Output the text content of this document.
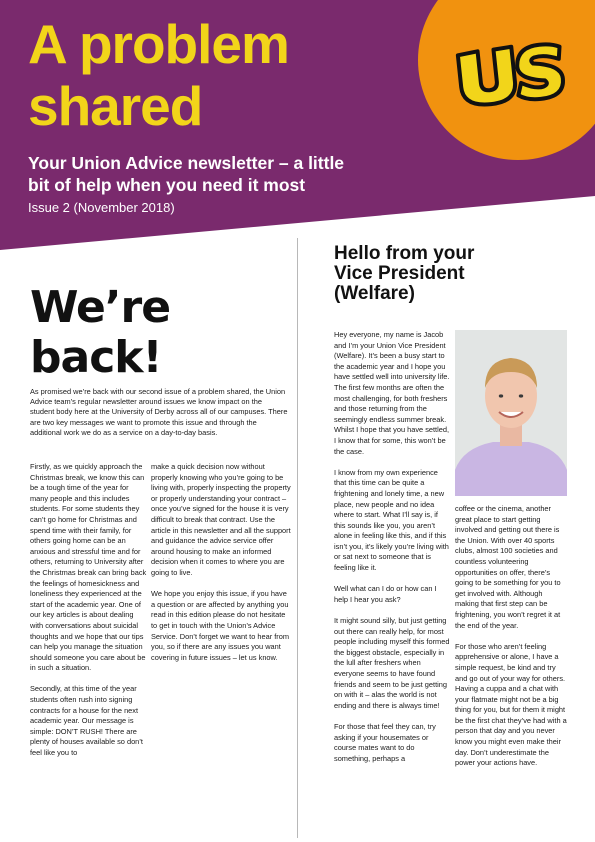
A problem
shared
Your Union Advice newsletter – a little
bit of help when you need it most
Issue 2 (November 2018)
We’re
back!
As promised we’re back with our second issue of a problem shared, the Union Advice team’s regular newsletter around issues we know impact on the student body here at the University of Derby across all of our campuses. There are two key messages we want to promote this issue and through the additional work we do as a service on a day-to-day basis.

Firstly, as we quickly approach the Christmas break, we know this can be a tough time of the year for many people and this includes students. For some students they can’t go home for Christmas and spend time with their family, for others going home can be an anxious and stressful time and for others, returning to University after the Christmas break can bring back the feelings of homesickness and loneliness they experienced at the start of the academic year. One of our key articles is about dealing with conversations about suicidal thoughts and we hope that our tips can help you manage the situation should someone you care about be in such a situation.

Secondly, at this time of the year students often rush into signing contracts for a house for the next academic year. Our message is simple: DON’T RUSH! There are plenty of houses available so don’t feel like you to

make a quick decision now without properly knowing who you’re going to be living with, properly inspecting the property or properly understanding your contract – once you’ve signed for the house it is very difficult to break that contract. Use the article in this newsletter and all the support and guidance the advice service offer around housing to make an informed decision when it comes to where you are going to live.

We hope you enjoy this issue, if you have a question or are affected by anything you read in this edition please do not hesitate to get in touch with the Union’s Advice Service. Don’t forget we want to hear from you, so if there are any issues you want covering in future issues – let us know.

Hello from your
Vice President
(Welfare)

Hey everyone, my name is Jacob and I’m your Union Vice President (Welfare). It’s been a busy start to the academic year and I hope you have settled well into university life. The first few months are often the most challenging, for both freshers and those returning from the seemingly endless summer break. Whilst I hope that you have settled, I know that for some, this won’t be the case.

I know from my own experience that this time can be quite a frightening and lonely time, a new place, new people and no idea where to start. What I’ll say is, if this sounds like you, you aren’t alone in feeling like this, and if this isn’t you, it’s likely you’re living with or sat next to someone that is feeling like it.

Well what can I do or how can I help I hear you ask?

It might sound silly, but just getting out there can really help, for most people including myself this formed the biggest obstacle, especially in the lull after freshers when everyone seems to have found friends and seem to be just getting on with it – alas the world is not ending and there is always time!

For those that feel they can, try asking if your housemates or course mates want to do something, perhaps a

coffee or the cinema, another great place to start getting involved and getting out there is the Union. With over 40 sports clubs, almost 100 societies and countless volunteering opportunities on offer, there’s going to be something for you to get involved with. Although making that first step can be frightening, you won’t regret it at the end of the year.

For those who aren’t feeling apprehensive or alone, I have a simple request, be kind and try and go out of your way for others. Having a cuppa and a chat with your flatmate might not be a big thing for you, but for them it might be the first chat they’ve had with a person that day and you never know you might even make their day. Don’t underestimate the power your actions have.
